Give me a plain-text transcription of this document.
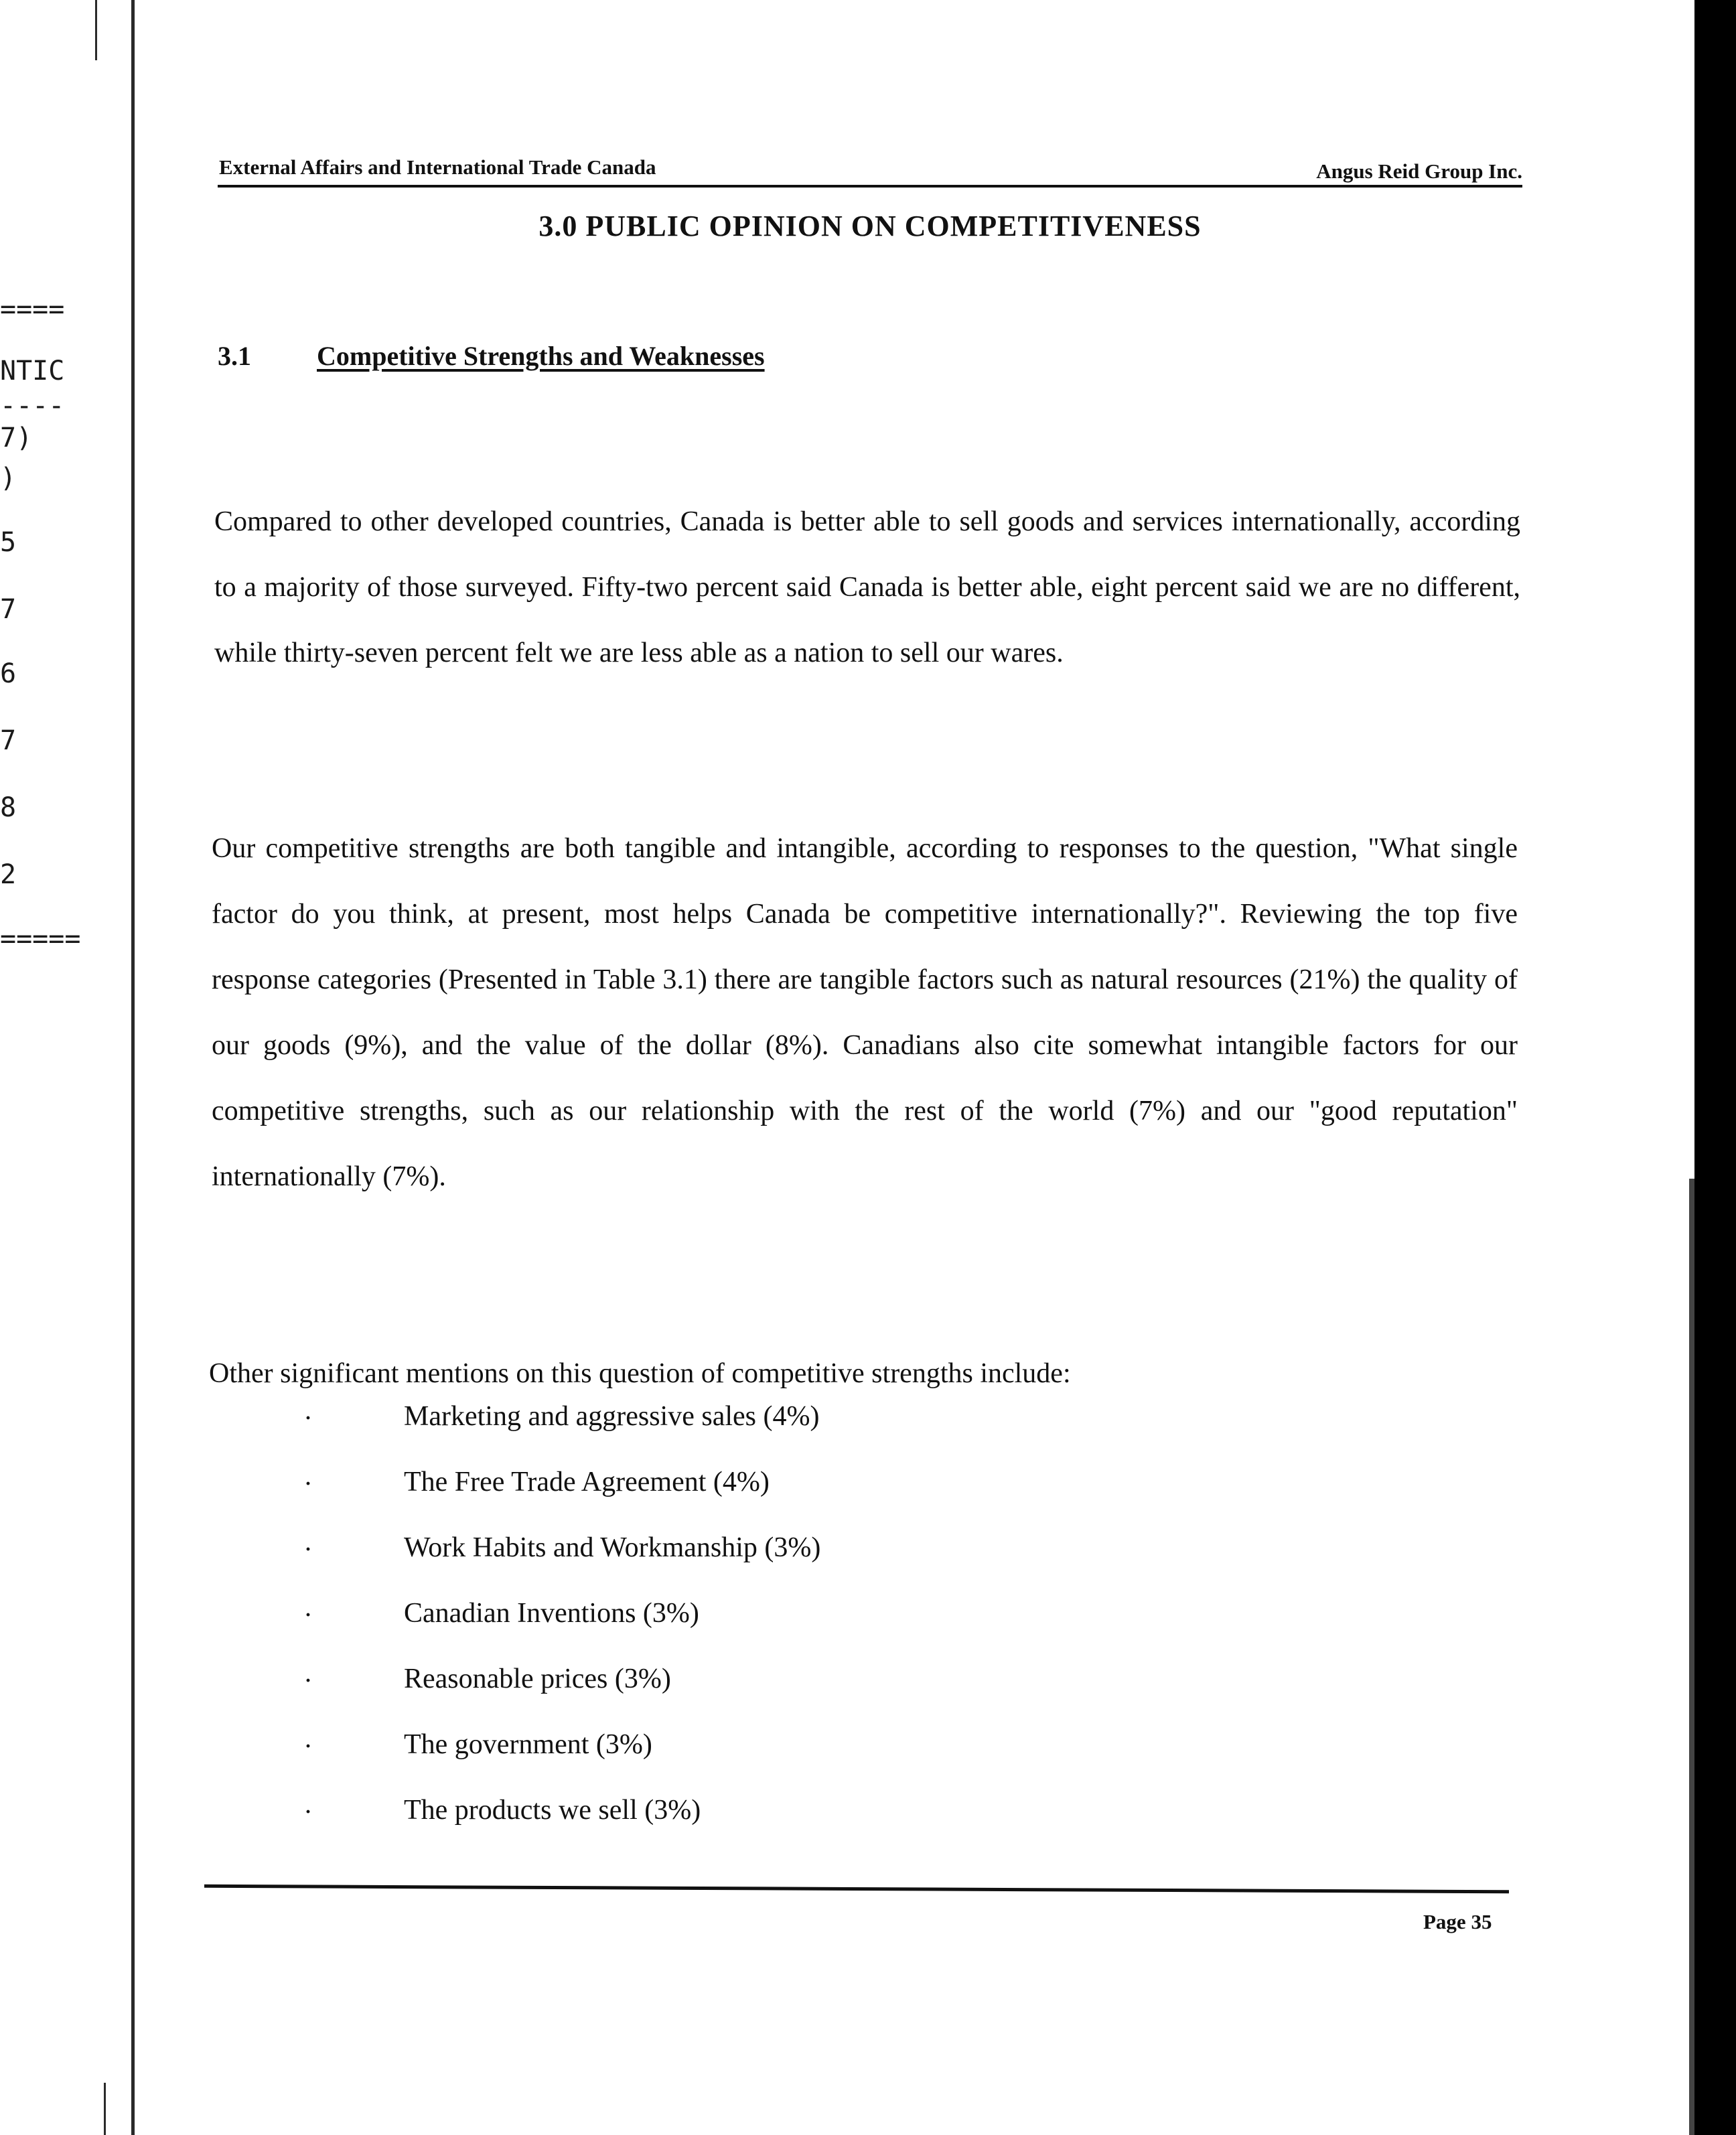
====
NTIC
----
7)
)
5
7
6
7
8
2
=====
External Affairs and International Trade Canada	Angus Reid Group Inc.
3.0 PUBLIC OPINION ON COMPETITIVENESS
3.1 Competitive Strengths and Weaknesses

Compared to other developed countries, Canada is better able to sell goods and services internationally, according to a majority of those surveyed. Fifty-two percent said Canada is better able, eight percent said we are no different, while thirty-seven percent felt we are less able as a nation to sell our wares.

Our competitive strengths are both tangible and intangible, according to responses to the question, "What single factor do you think, at present, most helps Canada be competitive internationally?". Reviewing the top five response categories (Presented in Table 3.1) there are tangible factors such as natural resources (21%) the quality of our goods (9%), and the value of the dollar (8%). Canadians also cite somewhat intangible factors for our competitive strengths, such as our relationship with the rest of the world (7%) and our "good reputation" internationally (7%).

Other significant mentions on this question of competitive strengths include:

·	Marketing and aggressive sales (4%)
·	The Free Trade Agreement (4%)
·	Work Habits and Workmanship (3%)
·	Canadian Inventions (3%)
·	Reasonable prices (3%)
·	The government (3%)
·	The products we sell (3%)
Page 35
